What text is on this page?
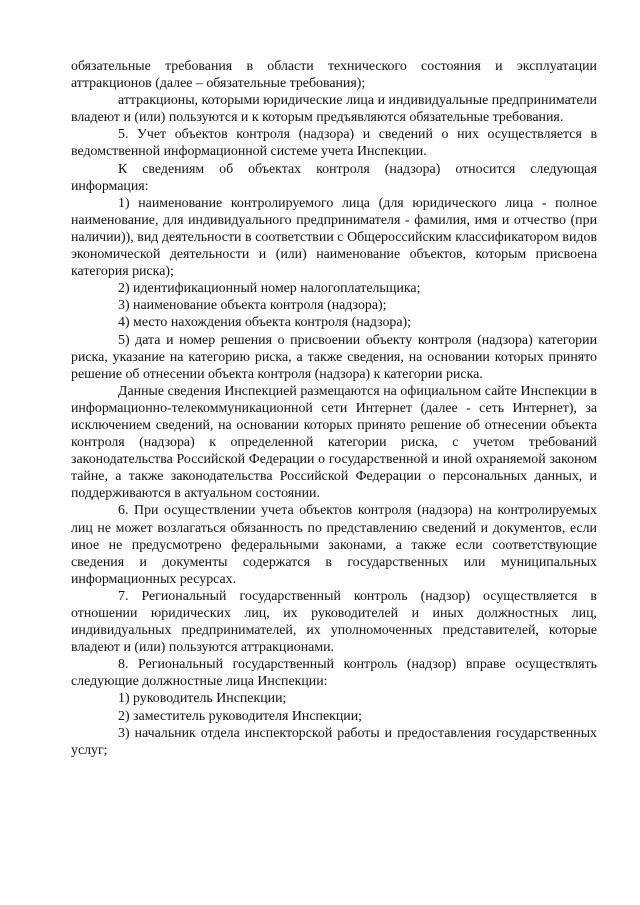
обязательные требования в области технического состояния и эксплуатации аттракционов (далее – обязательные требования);

аттракционы, которыми юридические лица и индивидуальные предприниматели владеют и (или) пользуются и к которым предъявляются обязательные требования.

5. Учет объектов контроля (надзора) и сведений о них осуществляется в ведомственной информационной системе учета Инспекции.

К сведениям об объектах контроля (надзора) относится следующая информация:

1) наименование контролируемого лица (для юридического лица - полное наименование, для индивидуального предпринимателя - фамилия, имя и отчество (при наличии)), вид деятельности в соответствии с Общероссийским классификатором видов экономической деятельности и (или) наименование объектов, которым присвоена категория риска);

2) идентификационный номер налогоплательщика;

3) наименование объекта контроля (надзора);

4) место нахождения объекта контроля (надзора);

5) дата и номер решения о присвоении объекту контроля (надзора) категории риска, указание на категорию риска, а также сведения, на основании которых принято решение об отнесении объекта контроля (надзора) к категории риска.

Данные сведения Инспекцией размещаются на официальном сайте Инспекции в информационно-телекоммуникационной сети Интернет (далее - сеть Интернет), за исключением сведений, на основании которых принято решение об отнесении объекта контроля (надзора) к определенной категории риска, с учетом требований законодательства Российской Федерации о государственной и иной охраняемой законом тайне, а также законодательства Российской Федерации о персональных данных, и поддерживаются в актуальном состоянии.

6. При осуществлении учета объектов контроля (надзора) на контролируемых лиц не может возлагаться обязанность по представлению сведений и документов, если иное не предусмотрено федеральными законами, а также если соответствующие сведения и документы содержатся в государственных или муниципальных информационных ресурсах.

7. Региональный государственный контроль (надзор) осуществляется в отношении юридических лиц, их руководителей и иных должностных лиц, индивидуальных предпринимателей, их уполномоченных представителей, которые владеют и (или) пользуются аттракционами.

8. Региональный государственный контроль (надзор) вправе осуществлять следующие должностные лица Инспекции:

1) руководитель Инспекции;

2) заместитель руководителя Инспекции;

3) начальник отдела инспекторской работы и предоставления государственных услуг;
